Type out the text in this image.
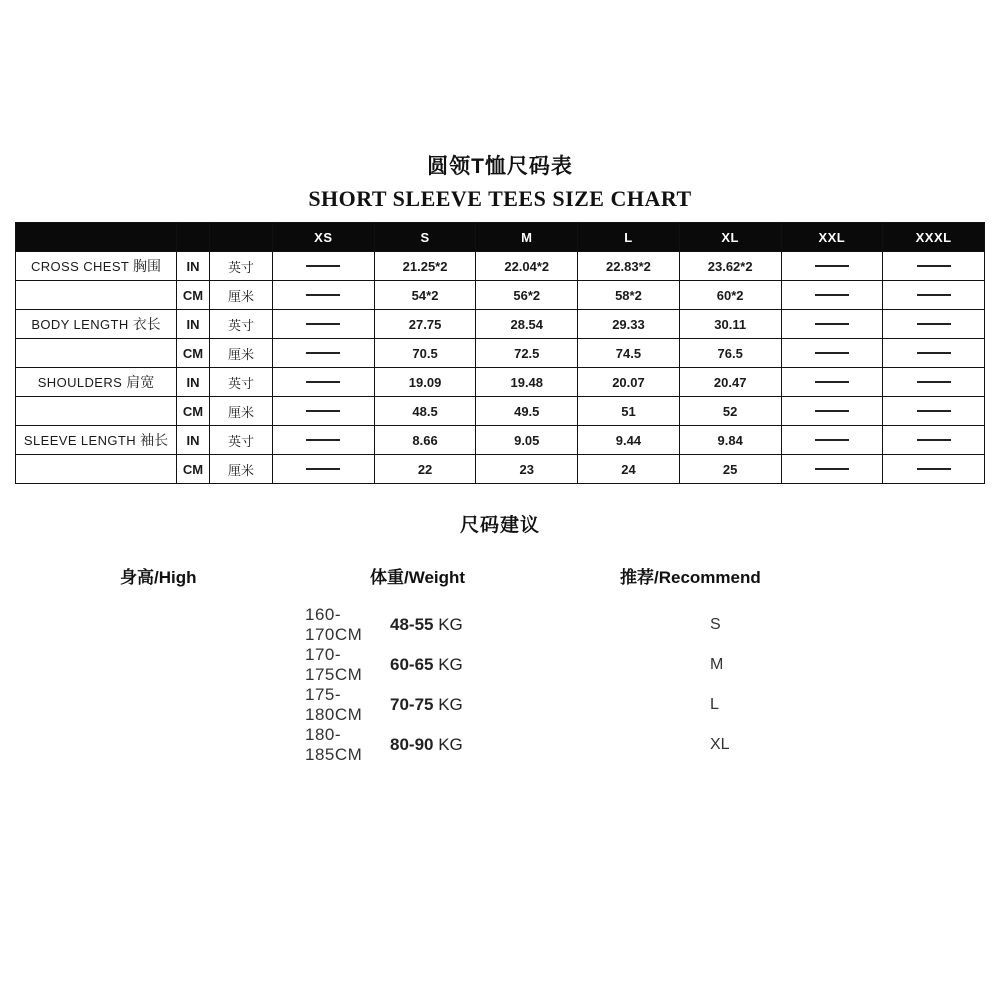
圆领T恤尺码表
SHORT SLEEVE TEES SIZE CHART
			XS	S	M	L	XL	XXL	XXXL
CROSS CHEST 胸围	IN	英寸		21.25*2	22.04*2	22.83*2	23.62*2		
	CM	厘米		54*2	56*2	58*2	60*2		
BODY LENGTH 衣长	IN	英寸		27.75	28.54	29.33	30.11		
	CM	厘米		70.5	72.5	74.5	76.5		
SHOULDERS 肩宽	IN	英寸		19.09	19.48	20.07	20.47		
	CM	厘米		48.5	49.5	51	52		
SLEEVE LENGTH 袖长	IN	英寸		8.66	9.05	9.44	9.84		
	CM	厘米		22	23	24	25		
尺码建议
身高/High	体重/Weight	推荐/Recommend
160-170CM	48-55 KG	S
170-175CM	60-65 KG	M
175-180CM	70-75 KG	L
180-185CM	80-90 KG	XL
